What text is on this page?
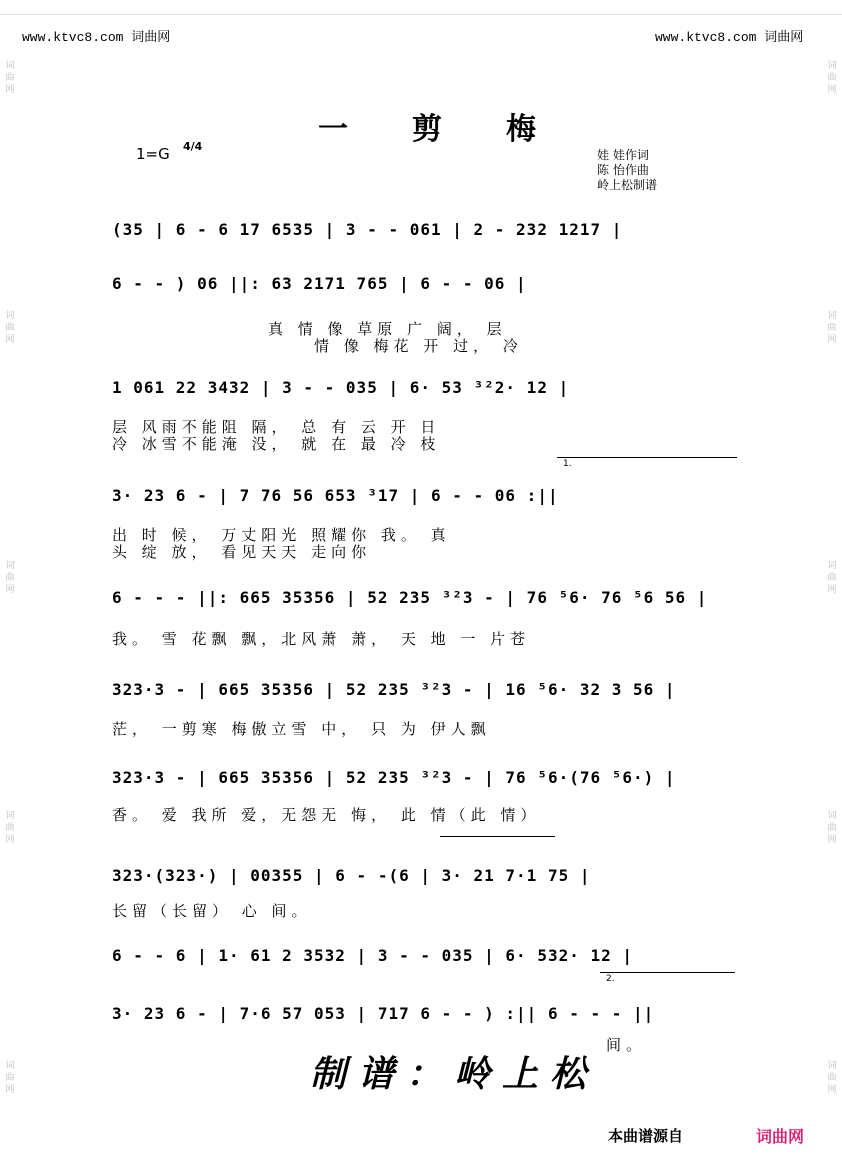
www.ktvc8.com 词曲网	www.ktvc8.com 词曲网
词 曲 网
词 曲 网
词 曲 网
词 曲 网
词 曲 网
词 曲 网
词 曲 网
词 曲 网
词 曲 网
词 曲 网
一剪梅
1=G 4/4
娃 娃作词
陈 怡作曲
岭上松制谱
(35 | 6 - 6 17 6535 | 3 - - 061 | 2 - 232 1217 |
6 - - ) 06 ||: 63 2171 765 | 6 - - 06 |
真 情 像 草原 广 阔， 层
情 像 梅花 开 过， 冷
1 061 22 3432 | 3 - - 035 | 6· 53 ³²2· 12 |
层 风雨不能阻 隔， 总 有 云 开 日
冷 冰雪不能淹 没， 就 在 最 冷 枝
1.
3· 23 6 - | 7 76 56 653 ³17 | 6 - - 06 :||
出 时 候， 万丈阳光 照耀你 我。 真
头 绽 放， 看见天天 走向你
6 - - - ||: 665 35356 | 52 235 ³²3 - | 76 ⁵6· 76 ⁵6 56 |
我。 雪 花飘 飘，北风萧 萧， 天 地 一 片苍
323·3 - | 665 35356 | 52 235 ³²3 - | 16 ⁵6· 32 3 56 |
茫， 一剪寒 梅傲立雪 中， 只 为 伊人飘
323·3 - | 665 35356 | 52 235 ³²3 - | 76 ⁵6·(76 ⁵6·) |
香。 爱 我所 爱，无怨无 悔， 此 情（此 情）
323·(323·) | 00355 | 6 - -(6 | 3· 21 7·1 75 |
长留（长留） 心 间。
6 - - 6 | 1· 61 2 3532 | 3 - - 035 | 6· 532· 12 |
2.
3· 23 6 - | 7·6 57 053 | 717 6 - - ) :|| 6 - - - ||
间。
制谱：岭上松
本曲谱源自	词曲网
